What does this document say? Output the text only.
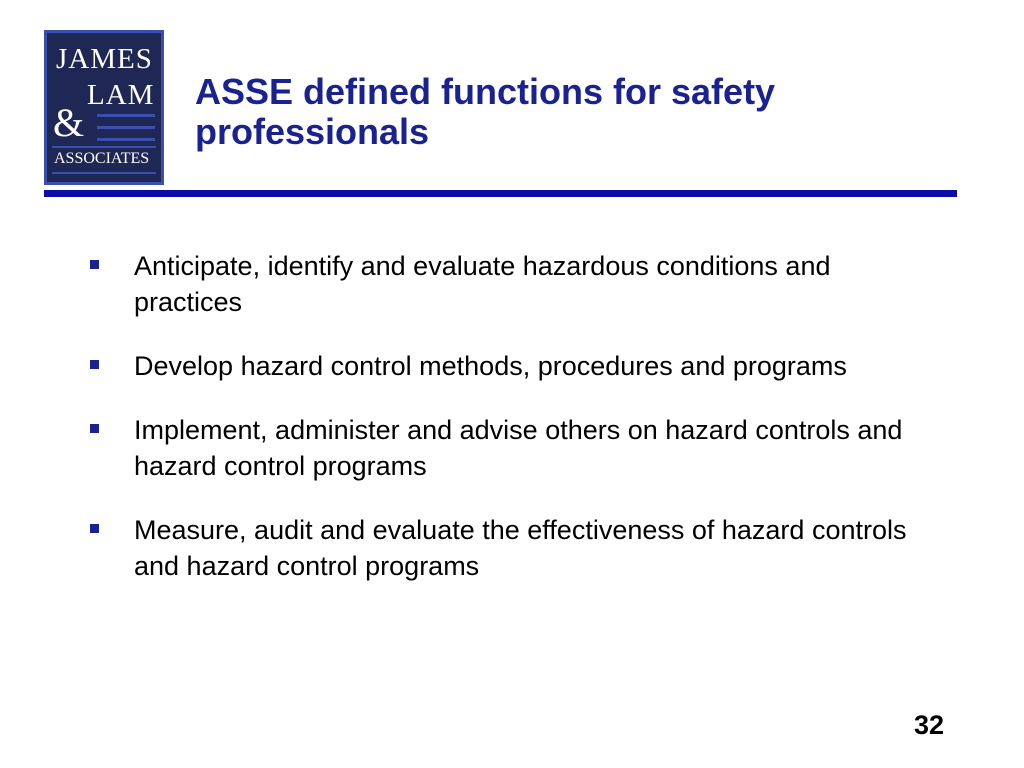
JAMES
LAM
&
ASSOCIATES
ASSE defined functions for safety professionals
Anticipate, identify and evaluate hazardous conditions and practices
Develop hazard control methods, procedures and programs
Implement, administer and advise others on hazard controls and hazard control programs
Measure, audit and evaluate the effectiveness of hazard controls and hazard control programs
32
